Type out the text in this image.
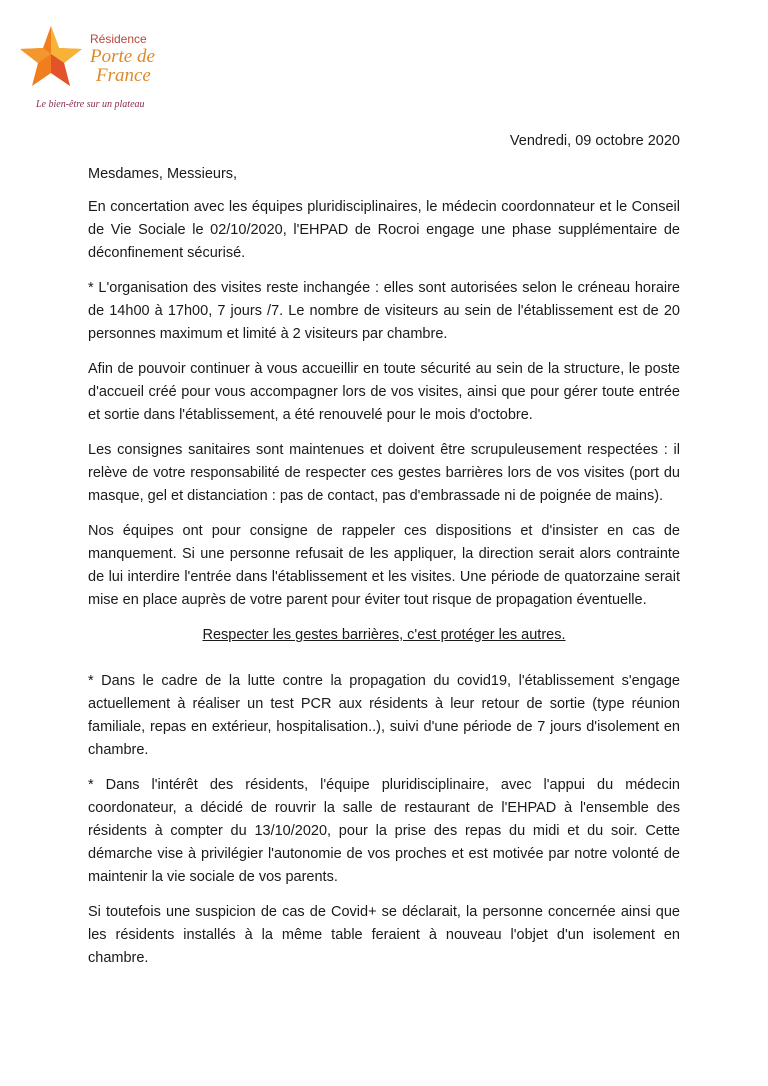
Résidence
Porte de
France
Le bien-être sur un plateau
Vendredi, 09 octobre 2020

Mesdames, Messieurs,

En concertation avec les équipes pluridisciplinaires, le médecin coordonnateur et le Conseil de Vie Sociale le 02/10/2020, l'EHPAD de Rocroi engage une phase supplémentaire de déconfinement sécurisé.

* L'organisation des visites reste inchangée : elles sont autorisées selon le créneau horaire de 14h00 à 17h00, 7 jours /7. Le nombre de visiteurs au sein de l'établissement est de 20 personnes maximum et limité à 2 visiteurs par chambre.

Afin de pouvoir continuer à vous accueillir en toute sécurité au sein de la structure, le poste d'accueil créé pour vous accompagner lors de vos visites, ainsi que pour gérer toute entrée et sortie dans l'établissement, a été renouvelé pour le mois d'octobre.

Les consignes sanitaires sont maintenues et doivent être scrupuleusement respectées : il relève de votre responsabilité de respecter ces gestes barrières lors de vos visites (port du masque, gel et distanciation : pas de contact, pas d'embrassade ni de poignée de mains).

Nos équipes ont pour consigne de rappeler ces dispositions et d'insister en cas de manquement. Si une personne refusait de les appliquer, la direction serait alors contrainte de lui interdire l'entrée dans l'établissement et les visites. Une période de quatorzaine serait mise en place auprès de votre parent pour éviter tout risque de propagation éventuelle.

Respecter les gestes barrières, c'est protéger les autres.

* Dans le cadre de la lutte contre la propagation du covid19, l'établissement s'engage actuellement à réaliser un test PCR aux résidents à leur retour de sortie (type réunion familiale, repas en extérieur, hospitalisation..), suivi d'une période de 7 jours d'isolement en chambre.

* Dans l'intérêt des résidents, l'équipe pluridisciplinaire, avec l'appui du médecin coordonateur, a décidé de rouvrir la salle de restaurant de l'EHPAD à l'ensemble des résidents à compter du 13/10/2020, pour la prise des repas du midi et du soir. Cette démarche vise à privilégier l'autonomie de vos proches et est motivée par notre volonté de maintenir la vie sociale de vos parents.

Si toutefois une suspicion de cas de Covid+ se déclarait, la personne concernée ainsi que les résidents installés à la même table feraient à nouveau l'objet d'un isolement en chambre.
